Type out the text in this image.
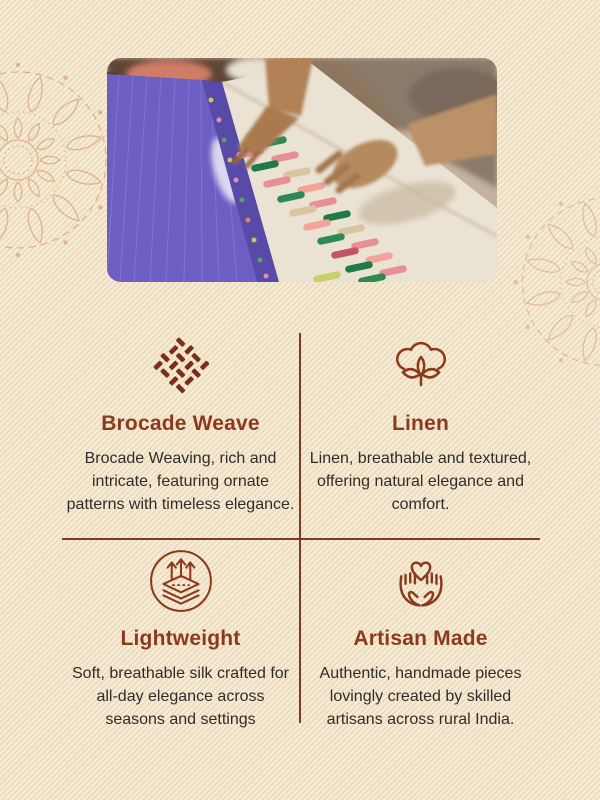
Brocade Weave

Brocade Weaving, rich and intricate, featuring ornate patterns with timeless elegance.

Linen

Linen, breathable and textured, offering natural elegance and comfort.

Lightweight

Soft, breathable silk crafted for all-day elegance across seasons and settings

Artisan Made

Authentic, handmade pieces lovingly created by skilled artisans across rural India.
